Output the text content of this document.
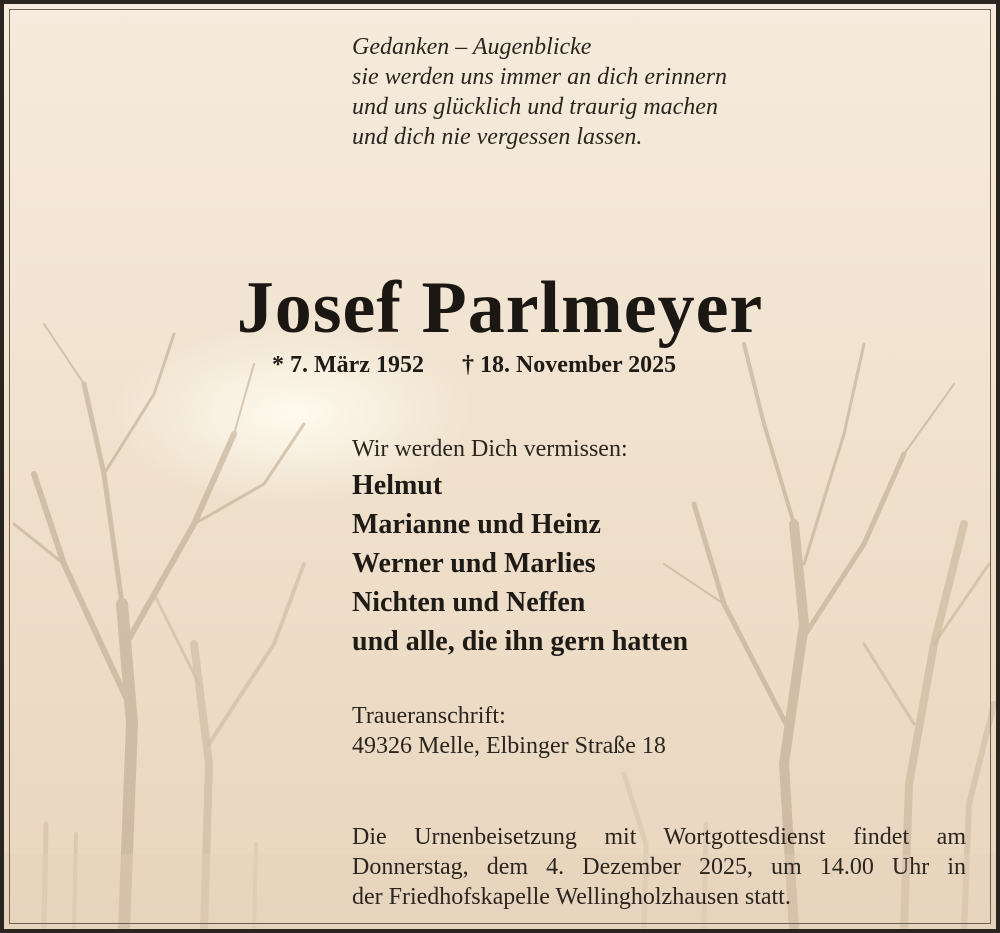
Gedanken – Augenblicke
sie werden uns immer an dich erinnern
und uns glücklich und traurig machen
und dich nie vergessen lassen.
Josef Parlmeyer
* 7. März 1952 † 18. November 2025
Wir werden Dich vermissen:
Helmut
Marianne und Heinz
Werner und Marlies
Nichten und Neffen
und alle, die ihn gern hatten
Traueranschrift:
49326 Melle, Elbinger Straße 18
Die Urnenbeisetzung mit Wortgottesdienst findet am
Donnerstag, dem 4. Dezember 2025, um 14.00 Uhr in
der Friedhofskapelle Wellingholzhausen statt.
